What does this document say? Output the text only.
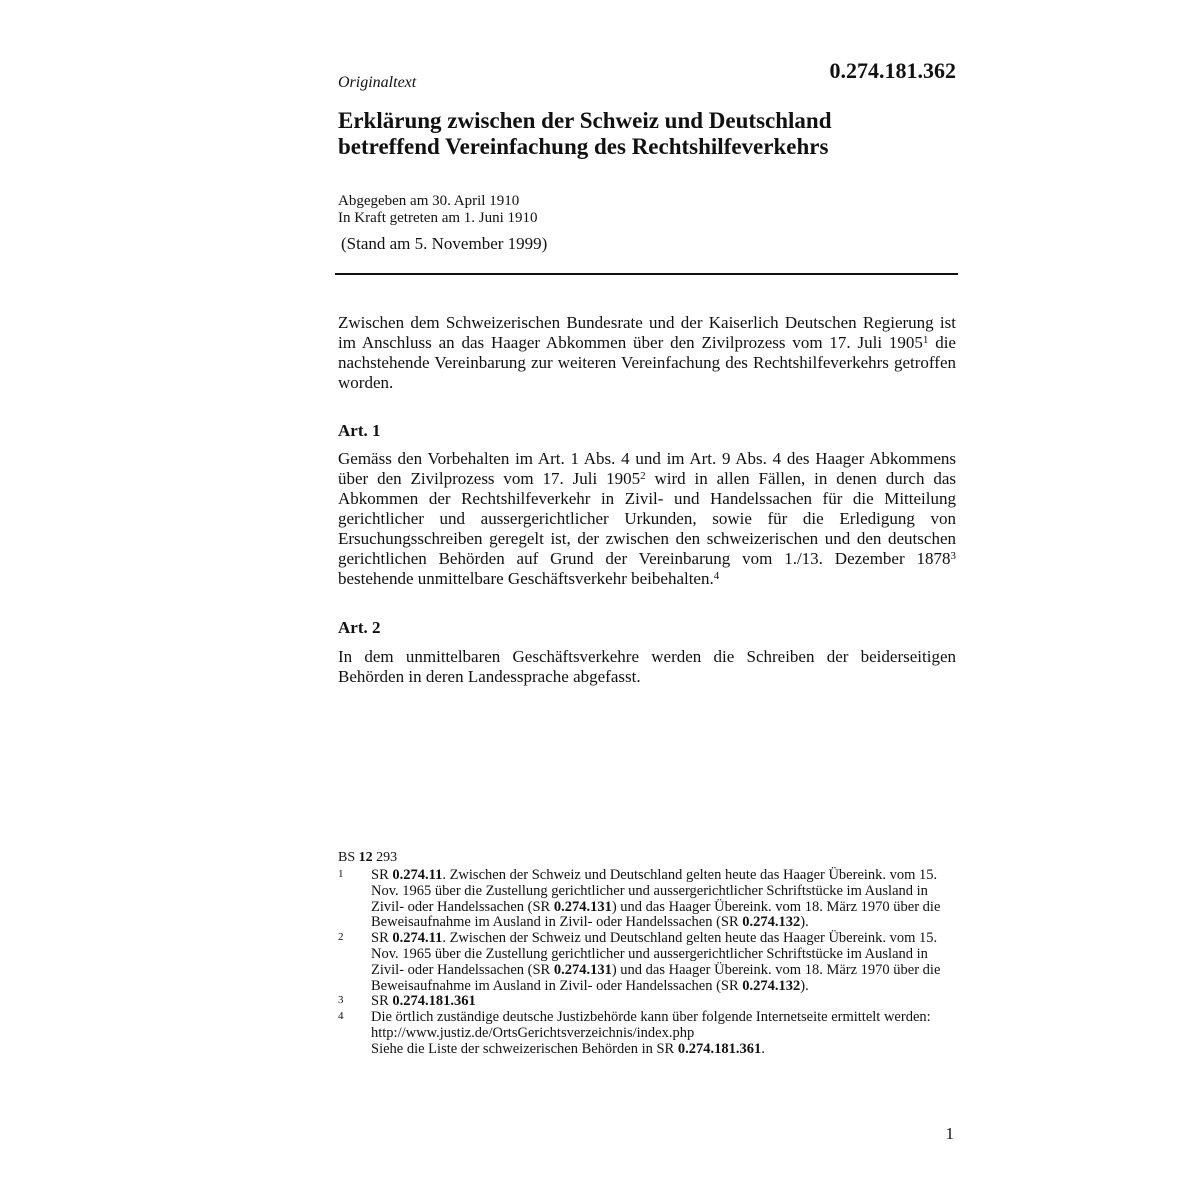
Originaltext	0.274.181.362
Erklärung zwischen der Schweiz und Deutschland
betreffend Vereinfachung des Rechtshilfeverkehrs
Abgegeben am 30. April 1910
In Kraft getreten am 1. Juni 1910
(Stand am 5. November 1999)
Zwischen dem Schweizerischen Bundesrate und der Kaiserlich Deutschen Regierung ist im Anschluss an das Haager Abkommen über den Zivilprozess vom 17. Juli 1905$^1$ die nachstehende Vereinbarung zur weiteren Vereinfachung des Rechtshilfeverkehrs getroffen worden.
Art. 1
Gemäss den Vorbehalten im Art. 1 Abs. 4 und im Art. 9 Abs. 4 des Haager Abkommens über den Zivilprozess vom 17. Juli 1905$^2$ wird in allen Fällen, in denen durch das Abkommen der Rechtshilfeverkehr in Zivil- und Handelssachen für die Mitteilung gerichtlicher und aussergerichtlicher Urkunden, sowie für die Erledigung von Ersuchungsschreiben geregelt ist, der zwischen den schweizerischen und den deutschen gerichtlichen Behörden auf Grund der Vereinbarung vom 1./13. Dezember 1878$^3$ bestehende unmittelbare Geschäftsverkehr beibehalten.$^4$
Art. 2
In dem unmittelbaren Geschäftsverkehre werden die Schreiben der beiderseitigen Behörden in deren Landessprache abgefasst.
BS 12 293
1	SR 0.274.11. Zwischen der Schweiz und Deutschland gelten heute das Haager Übereink. vom 15. Nov. 1965 über die Zustellung gerichtlicher und aussergerichtlicher Schriftstücke im Ausland in Zivil- oder Handelssachen (SR 0.274.131) und das Haager Übereink. vom 18. März 1970 über die Beweisaufnahme im Ausland in Zivil- oder Handelssachen (SR 0.274.132).
2	SR 0.274.11. Zwischen der Schweiz und Deutschland gelten heute das Haager Übereink. vom 15. Nov. 1965 über die Zustellung gerichtlicher und aussergerichtlicher Schriftstücke im Ausland in Zivil- oder Handelssachen (SR 0.274.131) und das Haager Übereink. vom 18. März 1970 über die Beweisaufnahme im Ausland in Zivil- oder Handelssachen (SR 0.274.132).
3	SR 0.274.181.361
4	Die örtlich zuständige deutsche Justizbehörde kann über folgende Internetseite ermittelt werden: http://www.justiz.de/OrtsGerichtsverzeichnis/index.php
Siehe die Liste der schweizerischen Behörden in SR 0.274.181.361.
1
